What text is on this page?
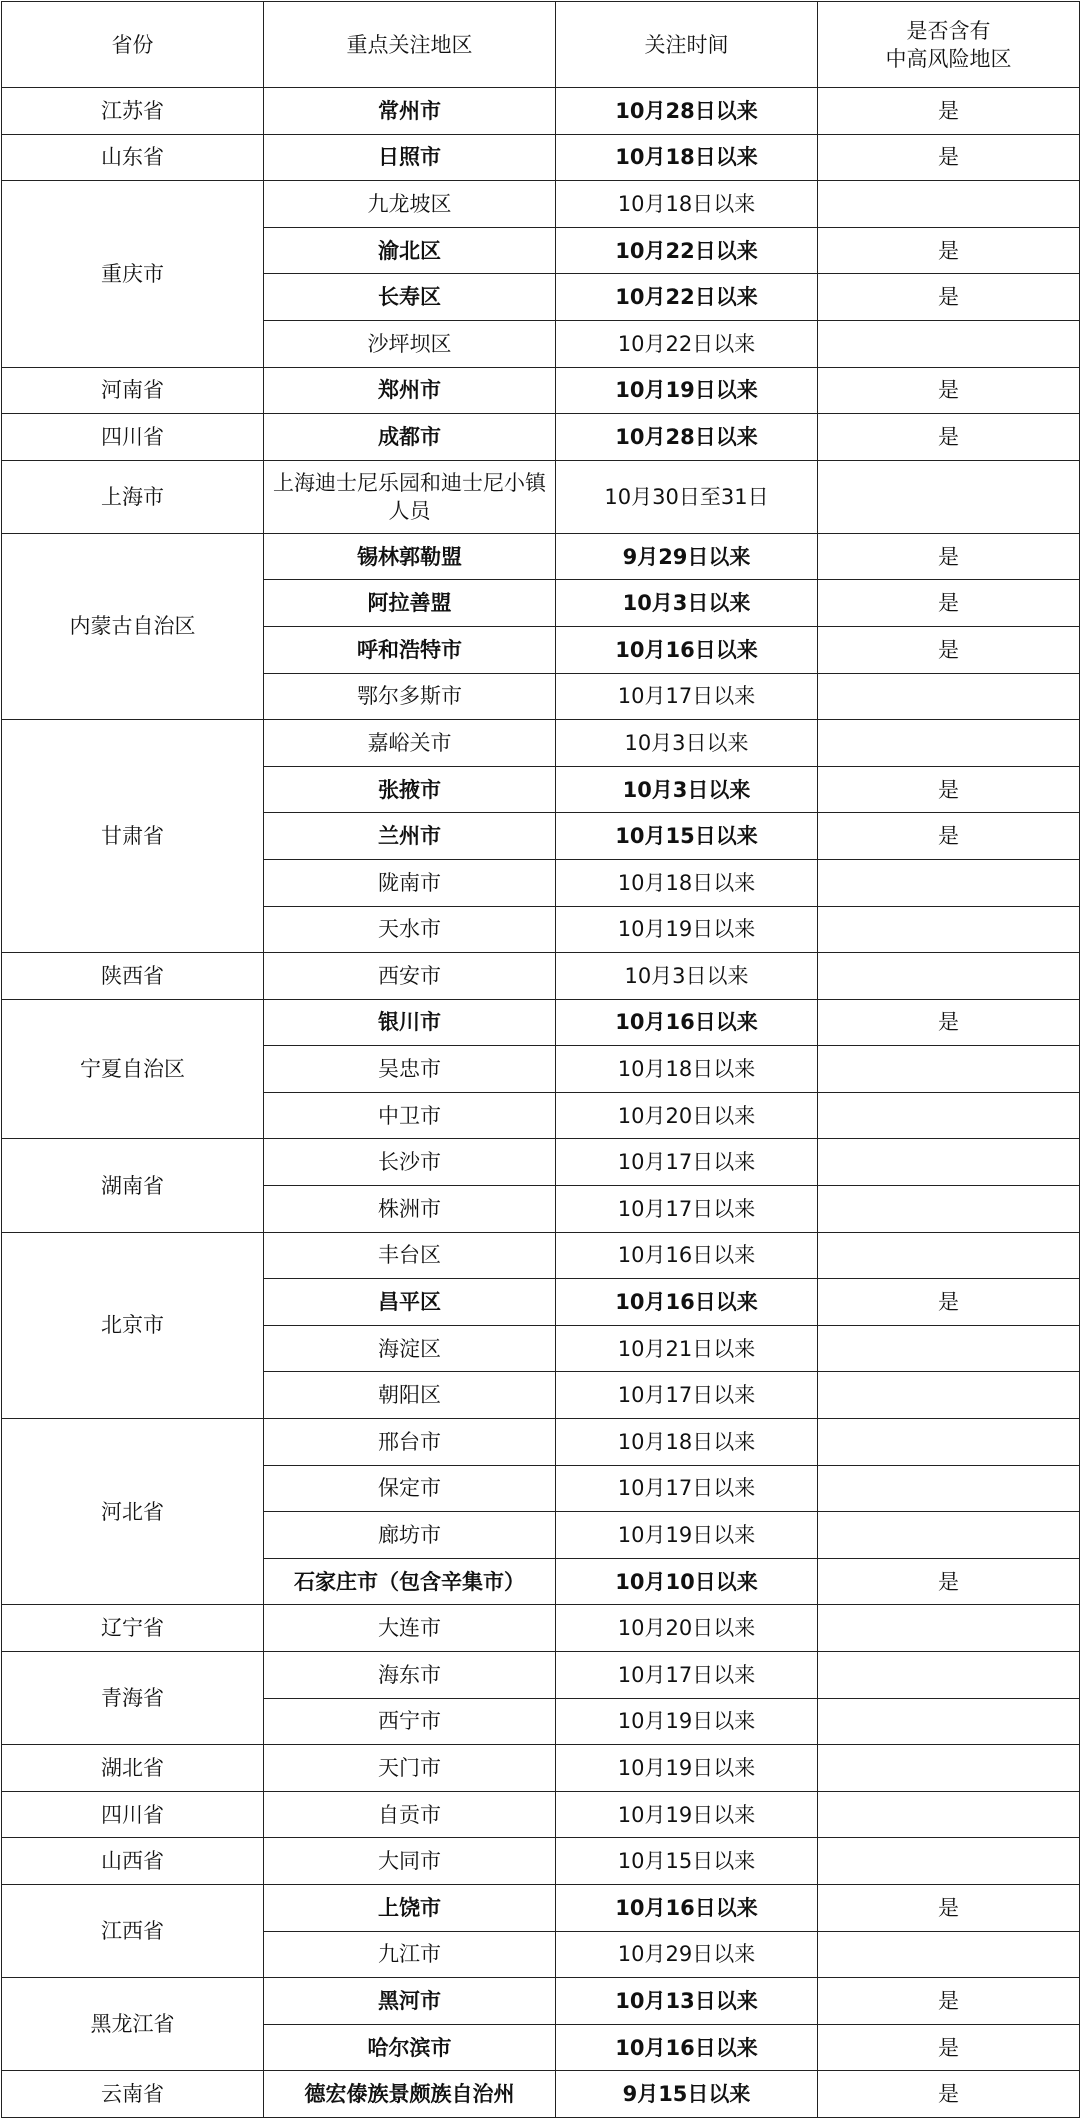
省份	重点关注地区	关注时间	是否含有
中高风险地区

江苏省	常州市	10月28日以来	是
山东省	日照市	10月18日以来	是
重庆市	九龙坡区	10月18日以来	
	渝北区	10月22日以来	是
	长寿区	10月22日以来	是
	沙坪坝区	10月22日以来	
河南省	郑州市	10月19日以来	是
四川省	成都市	10月28日以来	是
上海市	上海迪士尼乐园和迪士尼小镇人员	10月30日至31日	
内蒙古自治区	锡林郭勒盟	9月29日以来	是
	阿拉善盟	10月3日以来	是
	呼和浩特市	10月16日以来	是
	鄂尔多斯市	10月17日以来	
甘肃省	嘉峪关市	10月3日以来	
	张掖市	10月3日以来	是
	兰州市	10月15日以来	是
	陇南市	10月18日以来	
	天水市	10月19日以来	
陕西省	西安市	10月3日以来	
宁夏自治区	银川市	10月16日以来	是
	吴忠市	10月18日以来	
	中卫市	10月20日以来	
湖南省	长沙市	10月17日以来	
	株洲市	10月17日以来	
北京市	丰台区	10月16日以来	
	昌平区	10月16日以来	是
	海淀区	10月21日以来	
	朝阳区	10月17日以来	
河北省	邢台市	10月18日以来	
	保定市	10月17日以来	
	廊坊市	10月19日以来	
	石家庄市（包含辛集市）	10月10日以来	是
辽宁省	大连市	10月20日以来	
青海省	海东市	10月17日以来	
	西宁市	10月19日以来	
湖北省	天门市	10月19日以来	
四川省	自贡市	10月19日以来	
山西省	大同市	10月15日以来	
江西省	上饶市	10月16日以来	是
	九江市	10月29日以来	
黑龙江省	黑河市	10月13日以来	是
	哈尔滨市	10月16日以来	是
云南省	德宏傣族景颇族自治州	9月15日以来	是
